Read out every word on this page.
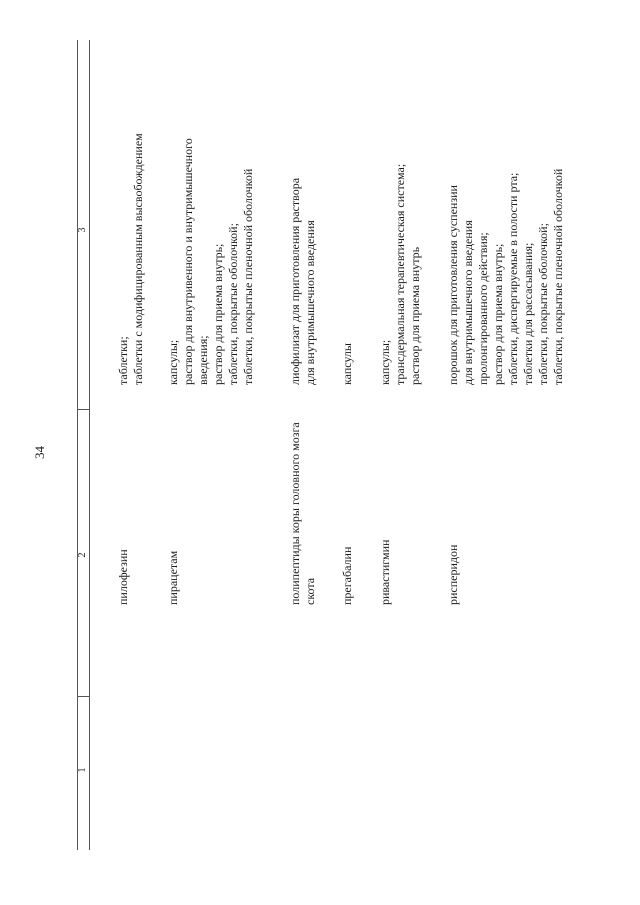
34
1
2
3
пилофезин
таблетки;
таблетки с модифицированным высвобождением
пирацетам
капсулы;
раствор для внутривенного и внутримышечного
введения;
раствор для приема внутрь;
таблетки, покрытые оболочкой;
таблетки, покрытые пленочной оболочкой
полипептиды коры головного мозга
скота
лиофилизат для приготовления раствора
для внутримышечного введения
прегабалин
капсулы
ривастигмин
капсулы;
трансдермальная терапевтическая система;
раствор для приема внутрь
рисперидон
порошок для приготовления суспензии
для внутримышечного введения
пролонгированного действия;
раствор для приема внутрь;
таблетки, диспергируемые в полости рта;
таблетки для рассасывания;
таблетки, покрытые оболочкой;
таблетки, покрытые пленочной оболочкой
